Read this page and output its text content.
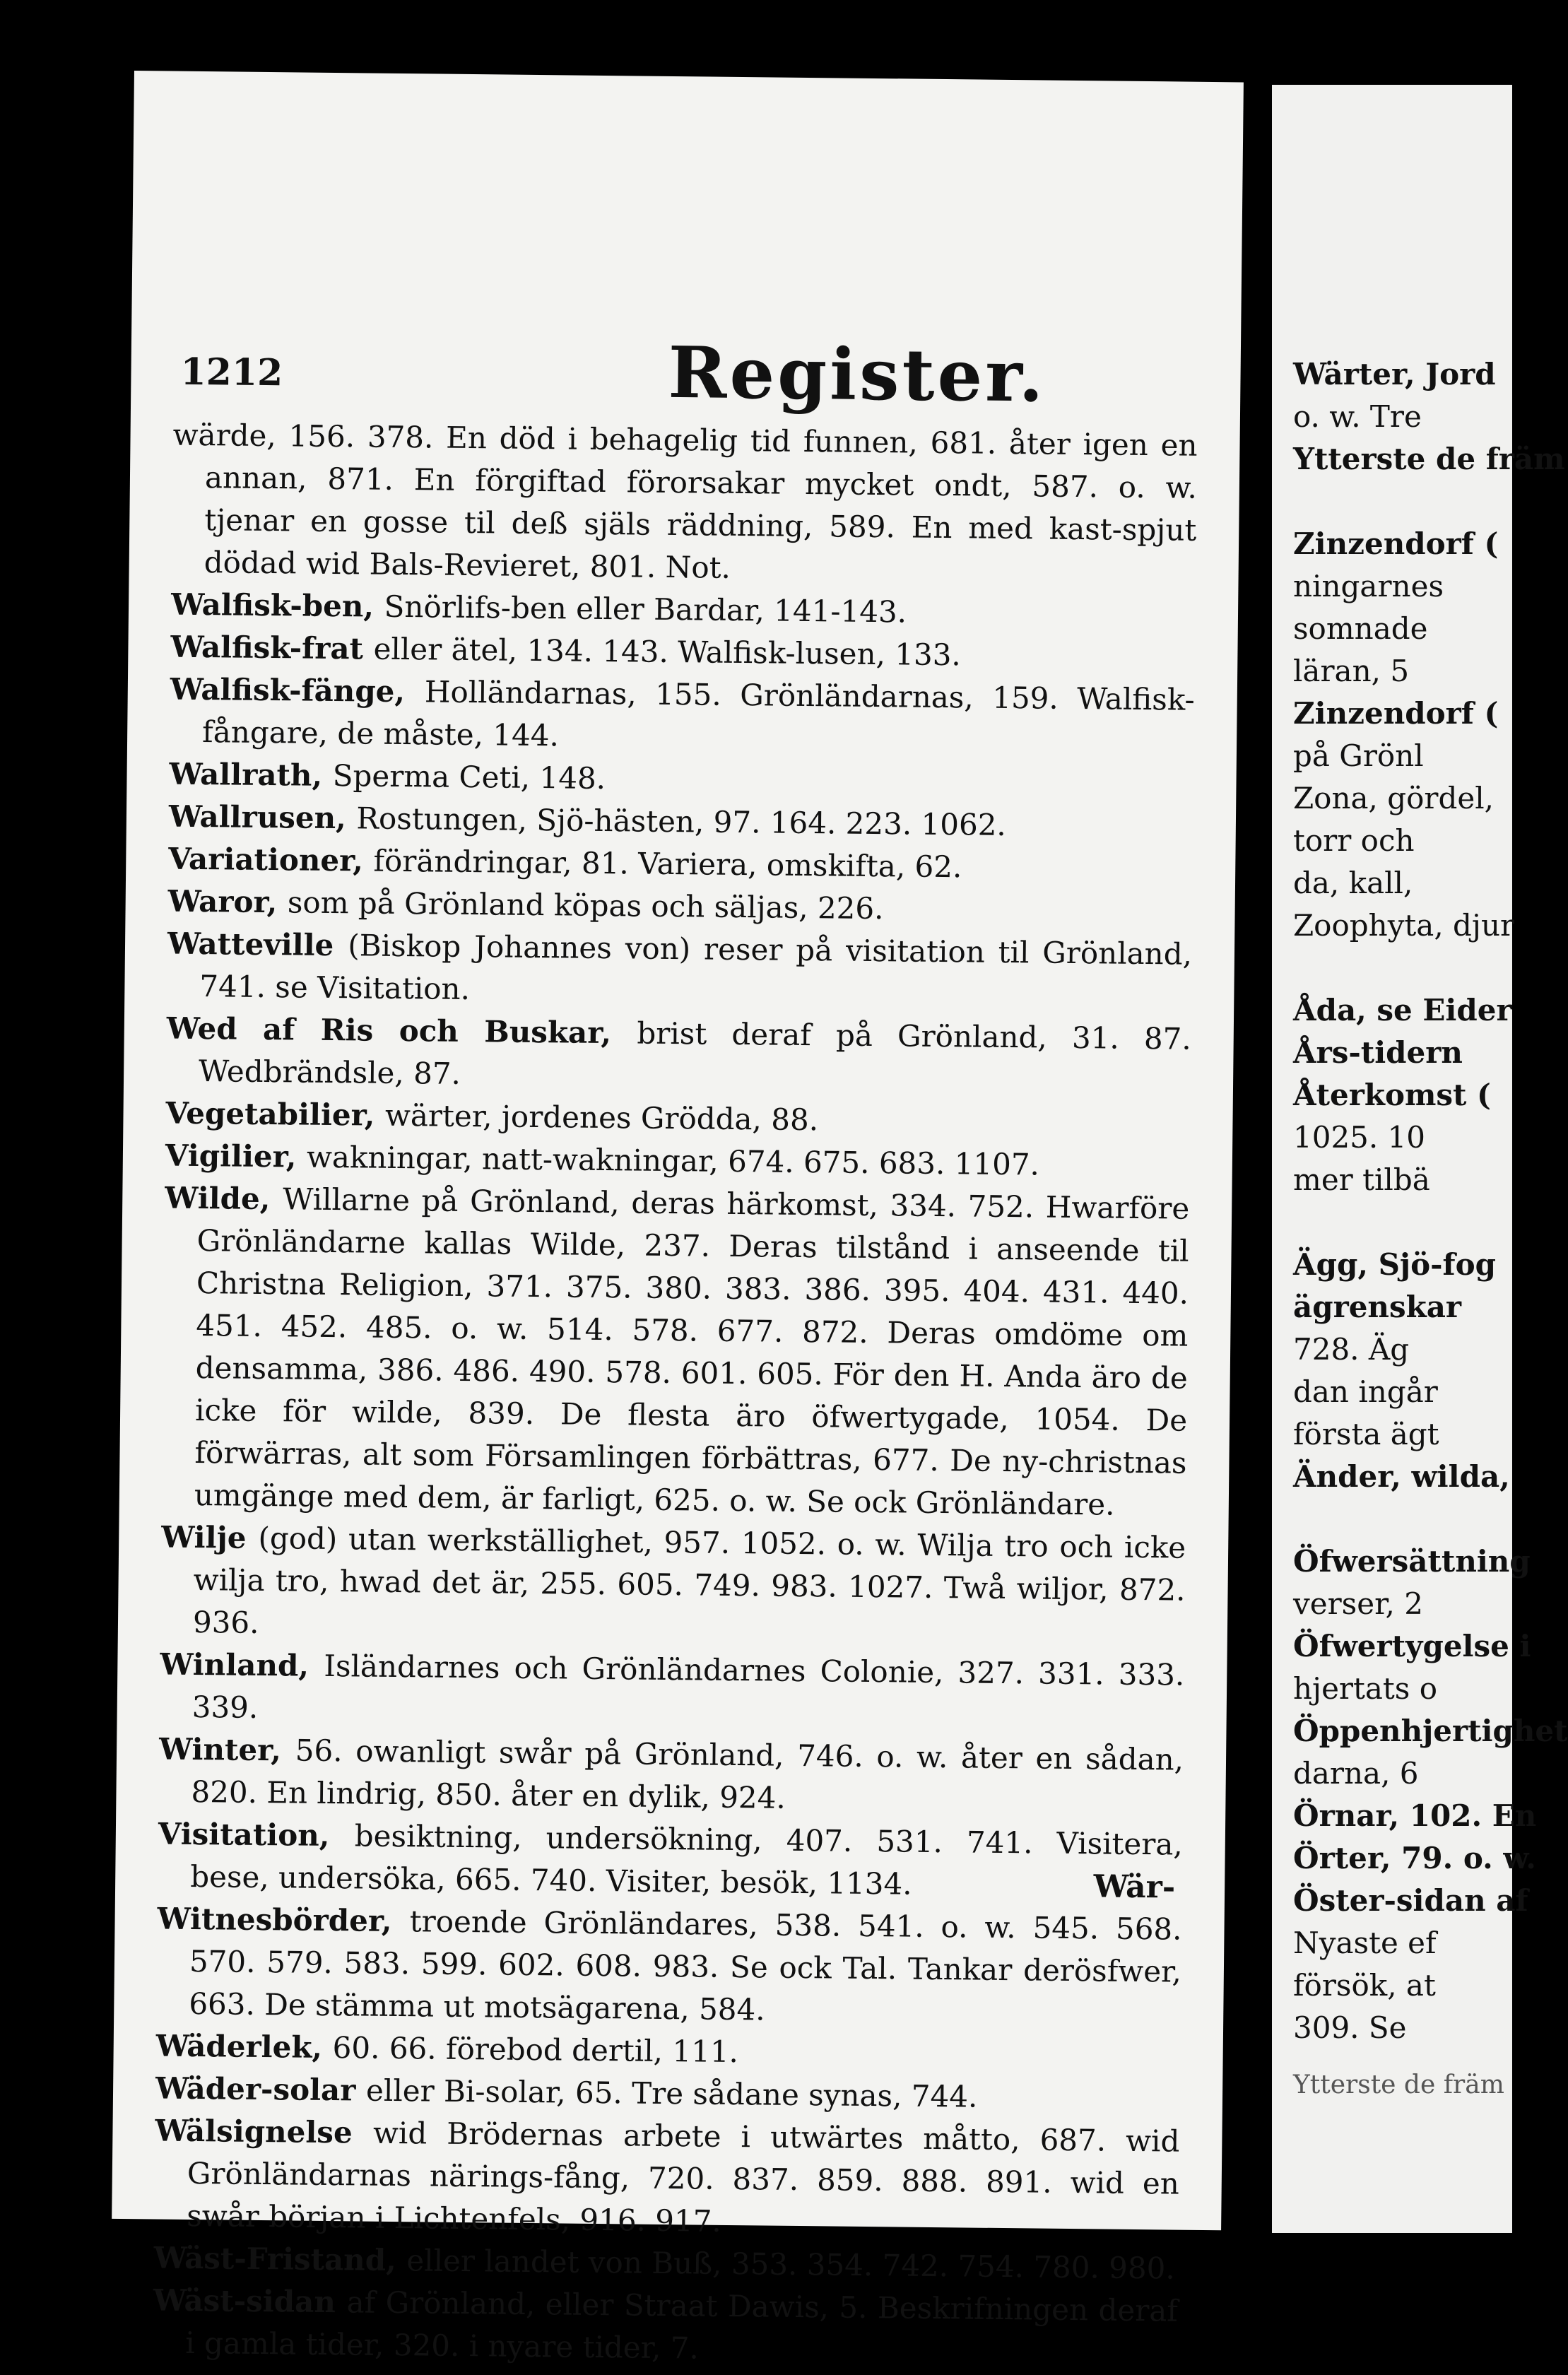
1212	Register.
wärde, 156. 378. En död i behagelig tid funnen, 681. åter igen en annan, 871. En förgiftad förorsakar mycket ondt, 587. o. w. tjenar en gosse til deß själs räddning, 589. En med kast-spjut dödad wid Bals-Revieret, 801. Not.
Walfisk-ben, Snörlifs-ben eller Bardar, 141-143.
Walfisk-frat eller ätel, 134. 143. Walfisk-lusen, 133.
Walfisk-fänge, Holländarnas, 155. Grönländarnas, 159. Walfisk-fångare, de måste, 144.
Wallrath, Sperma Ceti, 148.
Wallrusen, Rostungen, Sjö-hästen, 97. 164. 223. 1062.
Variationer, förändringar, 81. Variera, omskifta, 62.
Waror, som på Grönland köpas och säljas, 226.
Watteville (Biskop Johannes von) reser på visitation til Grönland, 741. se Visitation.
Wed af Ris och Buskar, brist deraf på Grönland, 31. 87. Wedbrändsle, 87.
Vegetabilier, wärter, jordenes Grödda, 88.
Vigilier, wakningar, natt-wakningar, 674. 675. 683. 1107.
Wilde, Willarne på Grönland, deras härkomst, 334. 752. Hwarföre Grönländarne kallas Wilde, 237. Deras tilstånd i anseende til Christna Religion, 371. 375. 380. 383. 386. 395. 404. 431. 440. 451. 452. 485. o. w. 514. 578. 677. 872. Deras omdöme om densamma, 386. 486. 490. 578. 601. 605. För den H. Anda äro de icke för wilde, 839. De flesta äro öfwertygade, 1054. De förwärras, alt som Församlingen förbättras, 677. De ny-christnas umgänge med dem, är farligt, 625. o. w. Se ock Grönländare.
Wilje (god) utan werkställighet, 957. 1052. o. w. Wilja tro och icke wilja tro, hwad det är, 255. 605. 749. 983. 1027. Twå wiljor, 872. 936.
Winland, Isländarnes och Grönländarnes Colonie, 327. 331. 333. 339.
Winter, 56. owanligt swår på Grönland, 746. o. w. åter en sådan, 820. En lindrig, 850. åter en dylik, 924.
Visitation, besiktning, undersökning, 407. 531. 741. Visitera, bese, undersöka, 665. 740. Visiter, besök, 1134.
Witnesbörder, troende Grönländares, 538. 541. o. w. 545. 568. 570. 579. 583. 599. 602. 608. 983. Se ock Tal. Tankar derösfwer, 663. De stämma ut motsägarena, 584.
Wäderlek, 60. 66. förebod dertil, 111.
Wäder-solar eller Bi-solar, 65. Tre sådane synas, 744.
Wälsignelse wid Brödernas arbete i utwärtes måtto, 687. wid Grönländarnas närings-fång, 720. 837. 859. 888. 891. wid en swår början i Lichtenfels, 916. 917.
Wäst-Fristand, eller landet von Buß, 353. 354. 742. 754. 780. 980.
Wäst-sidan af Grönland, eller Straat Dawis, 5. Beskrifningen deraf i gamla tider, 320. i nyare tider, 7.
Wär-
Wärter, Jord
o. w. Tre
Ytterste de främ
Zinzendorf (
ningarnes
somnade
läran, 5
Zinzendorf (
på Grönl
Zona, gördel,
torr och
da, kall,
Zoophyta, djur
Åda, se Eider
Års-tidern
Återkomst (
1025. 10
mer tilbä
Ägg, Sjö-fog
ägrenskar
728. Äg
dan ingår
första ägt
Änder, wilda,
Öfwersättning
verser, 2
Öfwertygelse i
hjertats o
Öppenhjertighet
darna, 6
Örnar, 102. En
Örter, 79. o. w.
Öster-sidan af
Nyaste ef
försök, at
309. Se
Ytterste de främ
